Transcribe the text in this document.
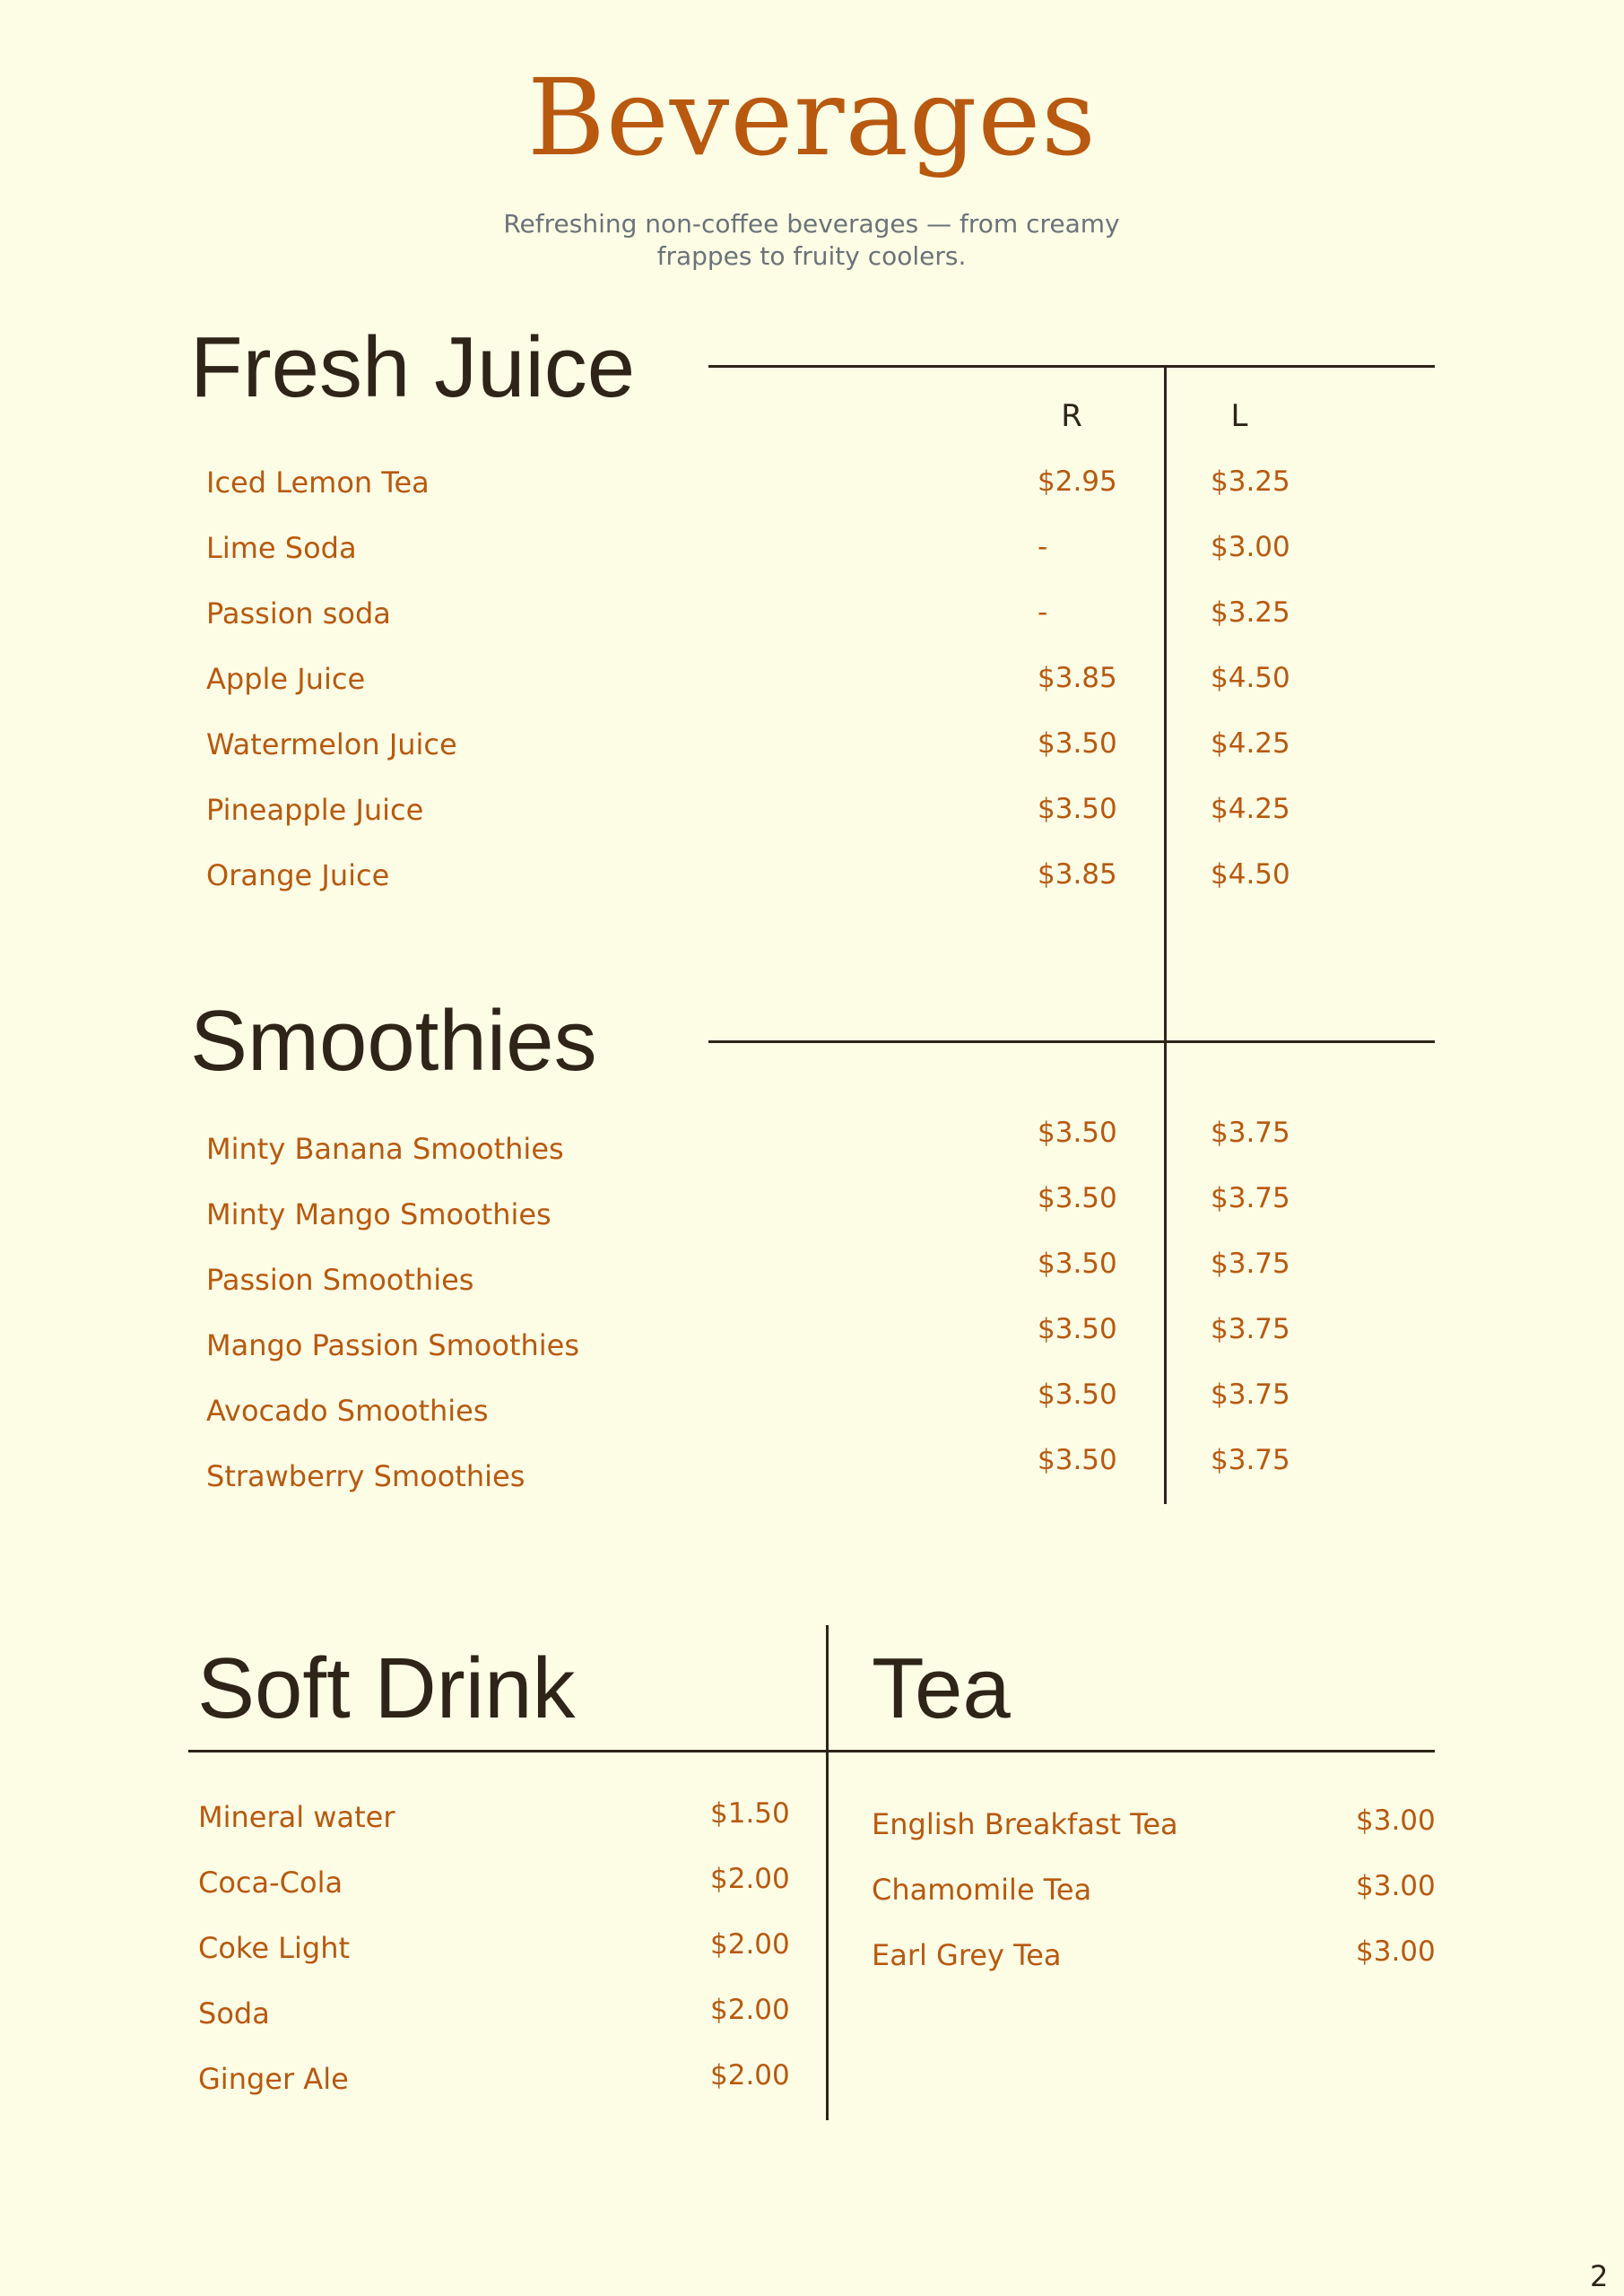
Beverages
Refreshing non-coffee beverages — from creamy
frappes to fruity coolers.
Fresh Juice
R	L
Iced Lemon Tea	$2.95	$3.25
Lime Soda	-	$3.00
Passion soda	-	$3.25
Apple Juice	$3.85	$4.50
Watermelon Juice	$3.50	$4.25
Pineapple Juice	$3.50	$4.25
Orange Juice	$3.85	$4.50
Smoothies
Minty Banana Smoothies	$3.50	$3.75
Minty Mango Smoothies	$3.50	$3.75
Passion Smoothies	$3.50	$3.75
Mango Passion Smoothies	$3.50	$3.75
Avocado Smoothies	$3.50	$3.75
Strawberry Smoothies	$3.50	$3.75
Soft Drink	Tea
Mineral water	$1.50
Coca-Cola	$2.00
Coke Light	$2.00
Soda	$2.00
Ginger Ale	$2.00
English Breakfast Tea	$3.00
Chamomile Tea	$3.00
Earl Grey Tea	$3.00
2
